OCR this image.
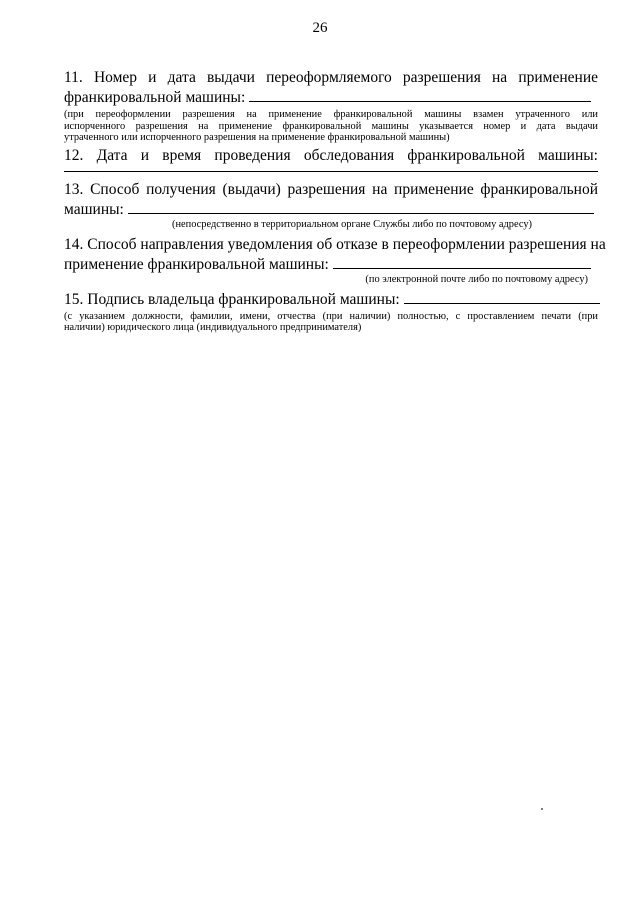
26
11. Номер и дата выдачи переоформляемого разрешения на применение
франкировальной машины:
(при переоформлении разрешения на применение франкировальной машины взамен утраченного или
испорченного разрешения на применение франкировальной машины указывается номер и дата выдачи
утраченного или испорченного разрешения на применение франкировальной машины)
12. Дата и время проведения обследования франкировальной машины:
13. Способ получения (выдачи) разрешения на применение франкировальной
машины:
(непосредственно в территориальном органе Службы либо по почтовому адресу)
14. Способ направления уведомления об отказе в переоформлении разрешения на
применение франкировальной машины:
(по электронной почте либо по почтовому адресу)
15. Подпись владельца франкировальной машины:
(с указанием должности, фамилии, имени, отчества (при наличии) полностью, с проставлением печати (при
наличии) юридического лица (индивидуального предпринимателя)
